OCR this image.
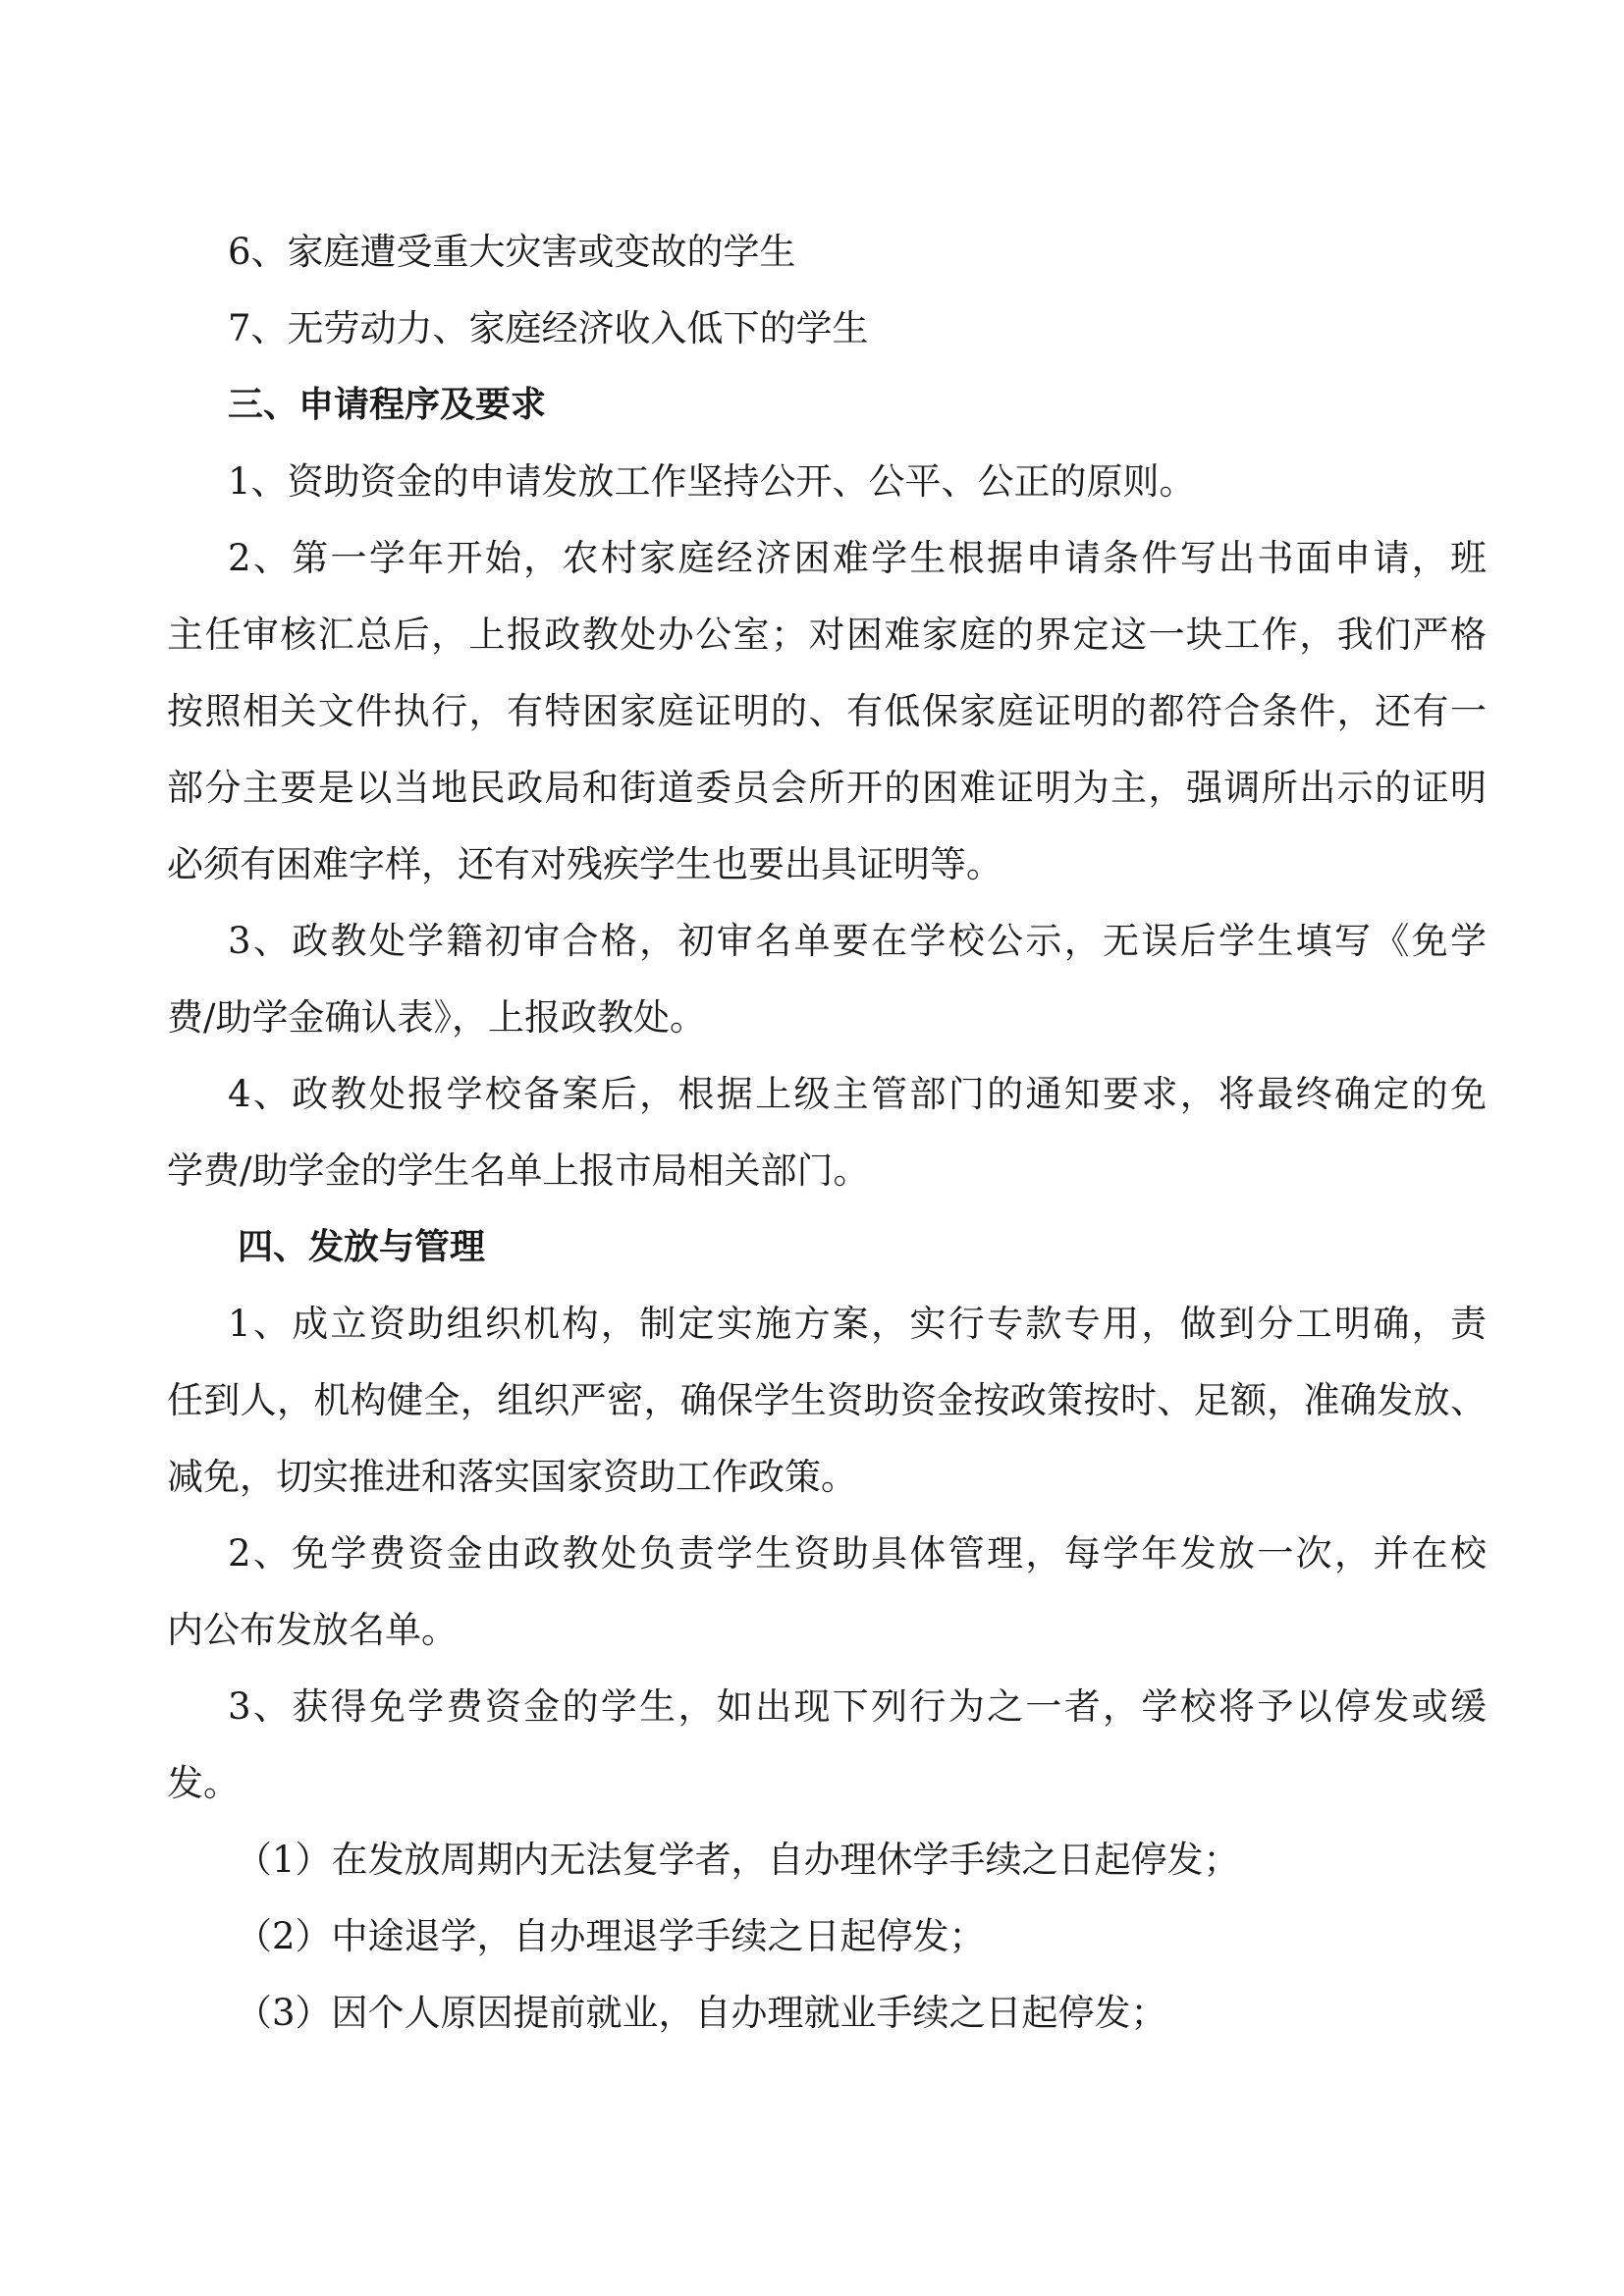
6、家庭遭受重大灾害或变故的学生
7、无劳动力、家庭经济收入低下的学生
三、申请程序及要求
1、资助资金的申请发放工作坚持公开、公平、公正的原则。
2、第一学年开始，农村家庭经济困难学生根据申请条件写出书面申请，班
主任审核汇总后，上报政教处办公室；对困难家庭的界定这一块工作，我们严格
按照相关文件执行，有特困家庭证明的、有低保家庭证明的都符合条件，还有一
部分主要是以当地民政局和街道委员会所开的困难证明为主，强调所出示的证明
必须有困难字样，还有对残疾学生也要出具证明等。
3、政教处学籍初审合格，初审名单要在学校公示，无误后学生填写《免学
费/助学金确认表》，上报政教处。
4、政教处报学校备案后，根据上级主管部门的通知要求，将最终确定的免
学费/助学金的学生名单上报市局相关部门。
四、发放与管理
1、成立资助组织机构，制定实施方案，实行专款专用，做到分工明确，责
任到人，机构健全，组织严密，确保学生资助资金按政策按时、足额，准确发放、
减免，切实推进和落实国家资助工作政策。
2、免学费资金由政教处负责学生资助具体管理，每学年发放一次，并在校
内公布发放名单。
3、获得免学费资金的学生，如出现下列行为之一者，学校将予以停发或缓
发。
（1）在发放周期内无法复学者，自办理休学手续之日起停发；
（2）中途退学，自办理退学手续之日起停发；
（3）因个人原因提前就业，自办理就业手续之日起停发；
